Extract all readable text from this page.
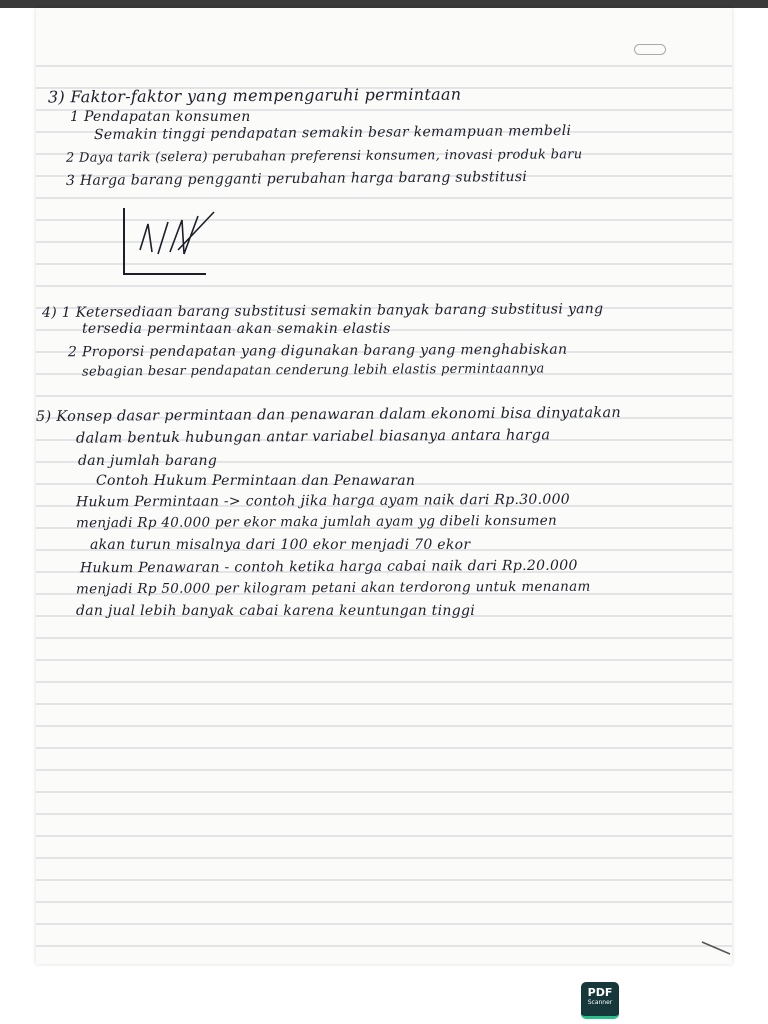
3) Faktor-faktor yang mempengaruhi permintaan
1 Pendapatan konsumen
Semakin tinggi pendapatan semakin besar kemampuan membeli
2 Daya tarik (selera) perubahan preferensi konsumen, inovasi produk baru
3 Harga barang pengganti perubahan harga barang substitusi
4) 1 Ketersediaan barang substitusi semakin banyak barang substitusi yang
tersedia permintaan akan semakin elastis
2 Proporsi pendapatan yang digunakan barang yang menghabiskan
sebagian besar pendapatan cenderung lebih elastis permintaannya
5) Konsep dasar permintaan dan penawaran dalam ekonomi bisa dinyatakan
dalam bentuk hubungan antar variabel biasanya antara harga
dan jumlah barang
Contoh Hukum Permintaan dan Penawaran
Hukum Permintaan -> contoh jika harga ayam naik dari Rp.30.000
menjadi Rp 40.000 per ekor maka jumlah ayam yg dibeli konsumen
akan turun misalnya dari 100 ekor menjadi 70 ekor
Hukum Penawaran - contoh ketika harga cabai naik dari Rp.20.000
menjadi Rp 50.000 per kilogram petani akan terdorong untuk menanam
dan jual lebih banyak cabai karena keuntungan tinggi
PDF
Scanner
